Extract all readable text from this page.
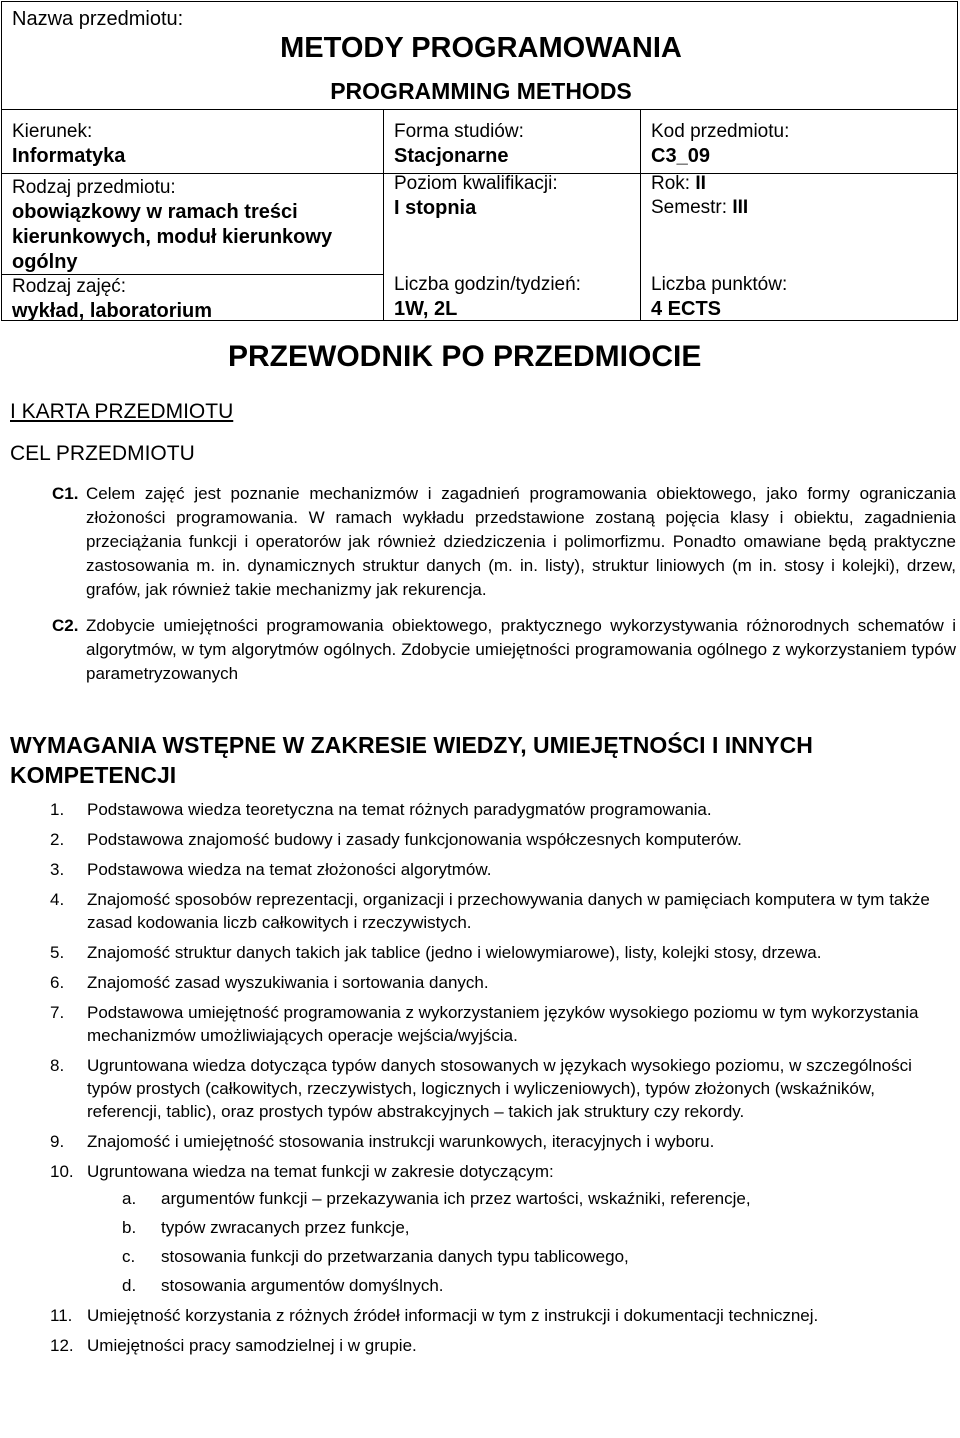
Nazwa przedmiotu:
METODY PROGRAMOWANIA
PROGRAMMING METHODS
Kierunek:
Informatyka
Rodzaj przedmiotu:
obowiązkowy w ramach treści kierunkowych, moduł kierunkowy ogólny
Rodzaj zajęć:
wykład, laboratorium
Forma studiów:
Stacjonarne
Poziom kwalifikacji:
I stopnia
Liczba godzin/tydzień:
1W, 2L
Kod przedmiotu:
C3_09
Rok: II
Semestr: III
Liczba punktów:
4 ECTS
PRZEWODNIK PO PRZEDMIOCIE
I KARTA PRZEDMIOTU
CEL PRZEDMIOTU
C1. Celem zajęć jest poznanie mechanizmów i zagadnień programowania obiektowego, jako formy ograniczania złożoności programowania. W ramach wykładu przedstawione zostaną pojęcia klasy i obiektu, zagadnienia przeciążania funkcji i operatorów jak również dziedziczenia i polimorfizmu. Ponadto omawiane będą praktyczne zastosowania m. in. dynamicznych struktur danych (m. in. listy), struktur liniowych (m in. stosy i kolejki), drzew, grafów, jak również takie mechanizmy jak rekurencja.
C2. Zdobycie umiejętności programowania obiektowego, praktycznego wykorzystywania różnorodnych schematów i algorytmów, w tym algorytmów ogólnych. Zdobycie umiejętności programowania ogólnego z wykorzystaniem typów parametryzowanych
WYMAGANIA WSTĘPNE W ZAKRESIE WIEDZY, UMIEJĘTNOŚCI I INNYCH KOMPETENCJI
1. Podstawowa wiedza teoretyczna na temat różnych paradygmatów programowania.
2. Podstawowa znajomość budowy i zasady funkcjonowania współczesnych komputerów.
3. Podstawowa wiedza na temat złożoności algorytmów.
4. Znajomość sposobów reprezentacji, organizacji i przechowywania danych w pamięciach komputera w tym także zasad kodowania liczb całkowitych i rzeczywistych.
5. Znajomość struktur danych takich jak tablice (jedno i wielowymiarowe), listy, kolejki stosy, drzewa.
6. Znajomość zasad wyszukiwania i sortowania danych.
7. Podstawowa umiejętność programowania z wykorzystaniem języków wysokiego poziomu w tym wykorzystania mechanizmów umożliwiających operacje wejścia/wyjścia.
8. Ugruntowana wiedza dotycząca typów danych stosowanych w językach wysokiego poziomu, w szczególności typów prostych (całkowitych, rzeczywistych, logicznych i wyliczeniowych), typów złożonych (wskaźników, referencji, tablic), oraz prostych typów abstrakcyjnych – takich jak struktury czy rekordy.
9. Znajomość i umiejętność stosowania instrukcji warunkowych, iteracyjnych i wyboru.
10. Ugruntowana wiedza na temat funkcji w zakresie dotyczącym:
a. argumentów funkcji – przekazywania ich przez wartości, wskaźniki, referencje,
b. typów zwracanych przez funkcje,
c. stosowania funkcji do przetwarzania danych typu tablicowego,
d. stosowania argumentów domyślnych.
11. Umiejętność korzystania z różnych źródeł informacji w tym z instrukcji i dokumentacji technicznej.
12. Umiejętności pracy samodzielnej i w grupie.
